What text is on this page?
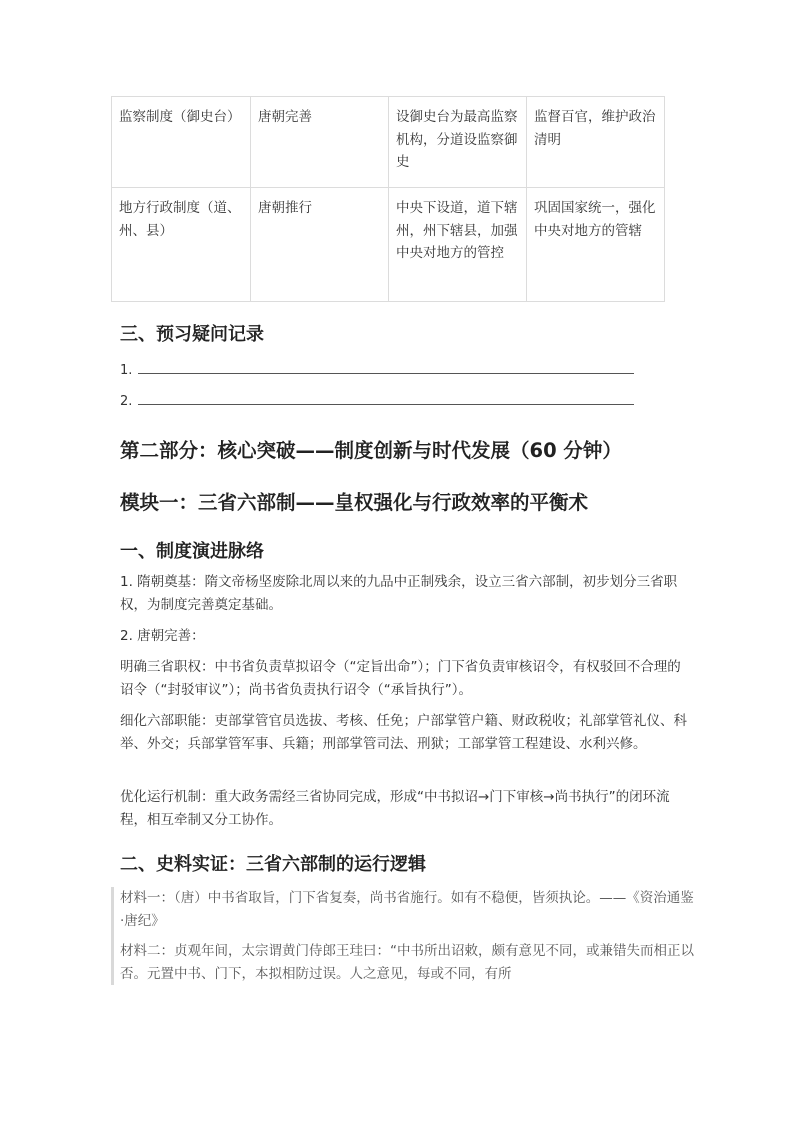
监察制度（御史台）	唐朝完善	设御史台为最高监察机构，分道设监察御史	监督百官，维护政治清明
地方行政制度（道、州、县）	唐朝推行	中央下设道，道下辖州，州下辖县，加强中央对地方的管控	巩固国家统一，强化中央对地方的管辖
三、预习疑问记录
1.
2.
第二部分：核心突破——制度创新与时代发展（60 分钟）
模块一：三省六部制——皇权强化与行政效率的平衡术
一、制度演进脉络

1. 隋朝奠基：隋文帝杨坚废除北周以来的九品中正制残余，设立三省六部制，初步划分三省职权，为制度完善奠定基础。

2. 唐朝完善：

明确三省职权：中书省负责草拟诏令（“定旨出命”）；门下省负责审核诏令，有权驳回不合理的诏令（“封驳审议”）；尚书省负责执行诏令（“承旨执行”）。

细化六部职能：吏部掌管官员选拔、考核、任免；户部掌管户籍、财政税收；礼部掌管礼仪、科举、外交；兵部掌管军事、兵籍；刑部掌管司法、刑狱；工部掌管工程建设、水利兴修。

优化运行机制：重大政务需经三省协同完成，形成“中书拟诏→门下审核→尚书执行”的闭环流程，相互牵制又分工协作。

二、史料实证：三省六部制的运行逻辑

材料一：（唐）中书省取旨，门下省复奏，尚书省施行。如有不稳便，皆须执论。——《资治通鉴·唐纪》

材料二：贞观年间，太宗谓黄门侍郎王珪曰：“中书所出诏敕，颇有意见不同，或兼错失而相正以否。元置中书、门下，本拟相防过误。人之意见，每或不同，有所
